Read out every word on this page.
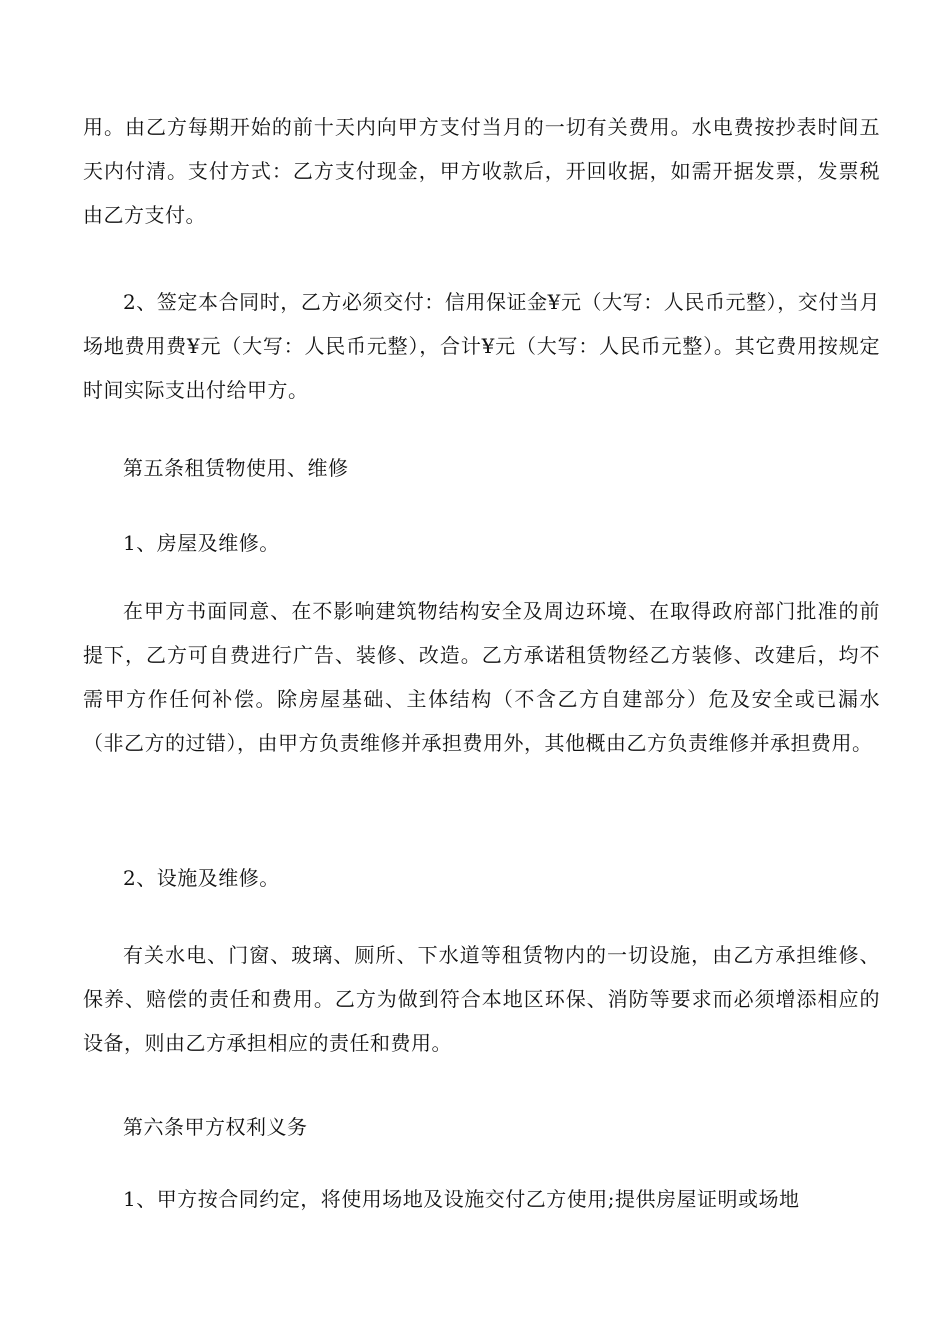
用。由乙方每期开始的前十天内向甲方支付当月的一切有关费用。水电费按抄表时间五天内付清。支付方式：乙方支付现金，甲方收款后，开回收据，如需开据发票，发票税由乙方支付。

2、签定本合同时，乙方必须交付：信用保证金¥元（大写：人民币元整），交付当月场地费用费¥元（大写：人民币元整），合计¥元（大写：人民币元整）。其它费用按规定时间实际支出付给甲方。

第五条租赁物使用、维修

1、房屋及维修。

在甲方书面同意、在不影响建筑物结构安全及周边环境、在取得政府部门批准的前提下，乙方可自费进行广告、装修、改造。乙方承诺租赁物经乙方装修、改建后，均不需甲方作任何补偿。除房屋基础、主体结构（不含乙方自建部分）危及安全或已漏水（非乙方的过错），由甲方负责维修并承担费用外，其他概由乙方负责维修并承担费用。

2、设施及维修。

有关水电、门窗、玻璃、厕所、下水道等租赁物内的一切设施，由乙方承担维修、保养、赔偿的责任和费用。乙方为做到符合本地区环保、消防等要求而必须增添相应的设备，则由乙方承担相应的责任和费用。

第六条甲方权利义务

1、甲方按合同约定，将使用场地及设施交付乙方使用;提供房屋证明或场地
